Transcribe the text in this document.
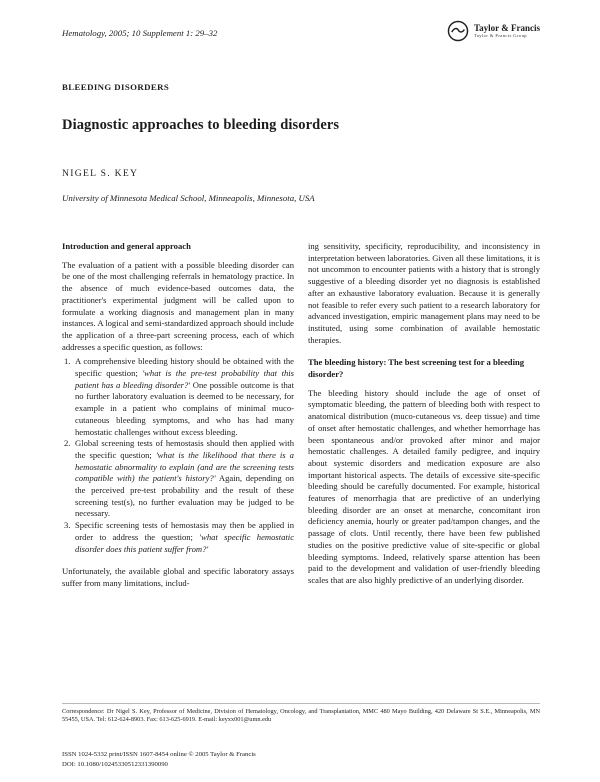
Hematology, 2005; 10 Supplement 1: 29–32
Taylor & Francis
Taylor & Francis Group
BLEEDING DISORDERS
Diagnostic approaches to bleeding disorders
NIGEL S. KEY
University of Minnesota Medical School, Minneapolis, Minnesota, USA
Introduction and general approach

The evaluation of a patient with a possible bleeding disorder can be one of the most challenging referrals in hematology practice. In the absence of much evidence-based outcomes data, the practitioner's experimental judgment will be called upon to formulate a working diagnosis and management plan in many instances. A logical and semi-standardized approach should include the application of a three-part screening process, each of which addresses a specific question, as follows:

1. A comprehensive bleeding history should be obtained with the specific question; 'what is the pre-test probability that this patient has a bleeding disorder?' One possible outcome is that no further laboratory evaluation is deemed to be necessary, for example in a patient who complains of minimal muco-cutaneous bleeding symptoms, and who has had many hemostatic challenges without excess bleeding.
2. Global screening tests of hemostasis should then applied with the specific question; 'what is the likelihood that there is a hemostatic abnormality to explain (and are the screening tests compatible with) the patient's history?' Again, depending on the perceived pre-test probability and the result of these screening test(s), no further evaluation may be judged to be necessary.
3. Specific screening tests of hemostasis may then be applied in order to address the question; 'what specific hemostatic disorder does this patient suffer from?'

Unfortunately, the available global and specific laboratory assays suffer from many limitations, includ-

ing sensitivity, specificity, reproducibility, and inconsistency in interpretation between laboratories. Given all these limitations, it is not uncommon to encounter patients with a history that is strongly suggestive of a bleeding disorder yet no diagnosis is established after an exhaustive laboratory evaluation. Because it is generally not feasible to refer every such patient to a research laboratory for advanced investigation, empiric management plans may need to be instituted, using some combination of available hemostatic therapies.

The bleeding history: The best screening test for a bleeding disorder?

The bleeding history should include the age of onset of symptomatic bleeding, the pattern of bleeding both with respect to anatomical distribution (muco-cutaneous vs. deep tissue) and time of onset after hemostatic challenges, and whether hemorrhage has been spontaneous and/or provoked after minor and major hemostatic challenges. A detailed family pedigree, and inquiry about systemic disorders and medication exposure are also important historical aspects. The details of excessive site-specific bleeding should be carefully documented. For example, historical features of menorrhagia that are predictive of an underlying bleeding disorder are an onset at menarche, concomitant iron deficiency anemia, hourly or greater pad/tampon changes, and the passage of clots. Until recently, there have been few published studies on the positive predictive value of site-specific or global bleeding symptoms. Indeed, relatively sparse attention has been paid to the development and validation of user-friendly bleeding scales that are also highly predictive of an underlying disorder.

Correspondence: Dr Nigel S. Key, Professor of Medicine, Division of Hematology, Oncology, and Transplantation, MMC 480 Mayo Building, 420 Delaware St S.E., Minneapolis, MN 55455, USA. Tel: 612-624-8903. Fax: 613-625-6919. E-mail: keyxx001@umn.edu
ISSN 1024-5332 print/ISSN 1607-8454 online © 2005 Taylor & Francis
DOI: 10.1080/10245330512331390090
